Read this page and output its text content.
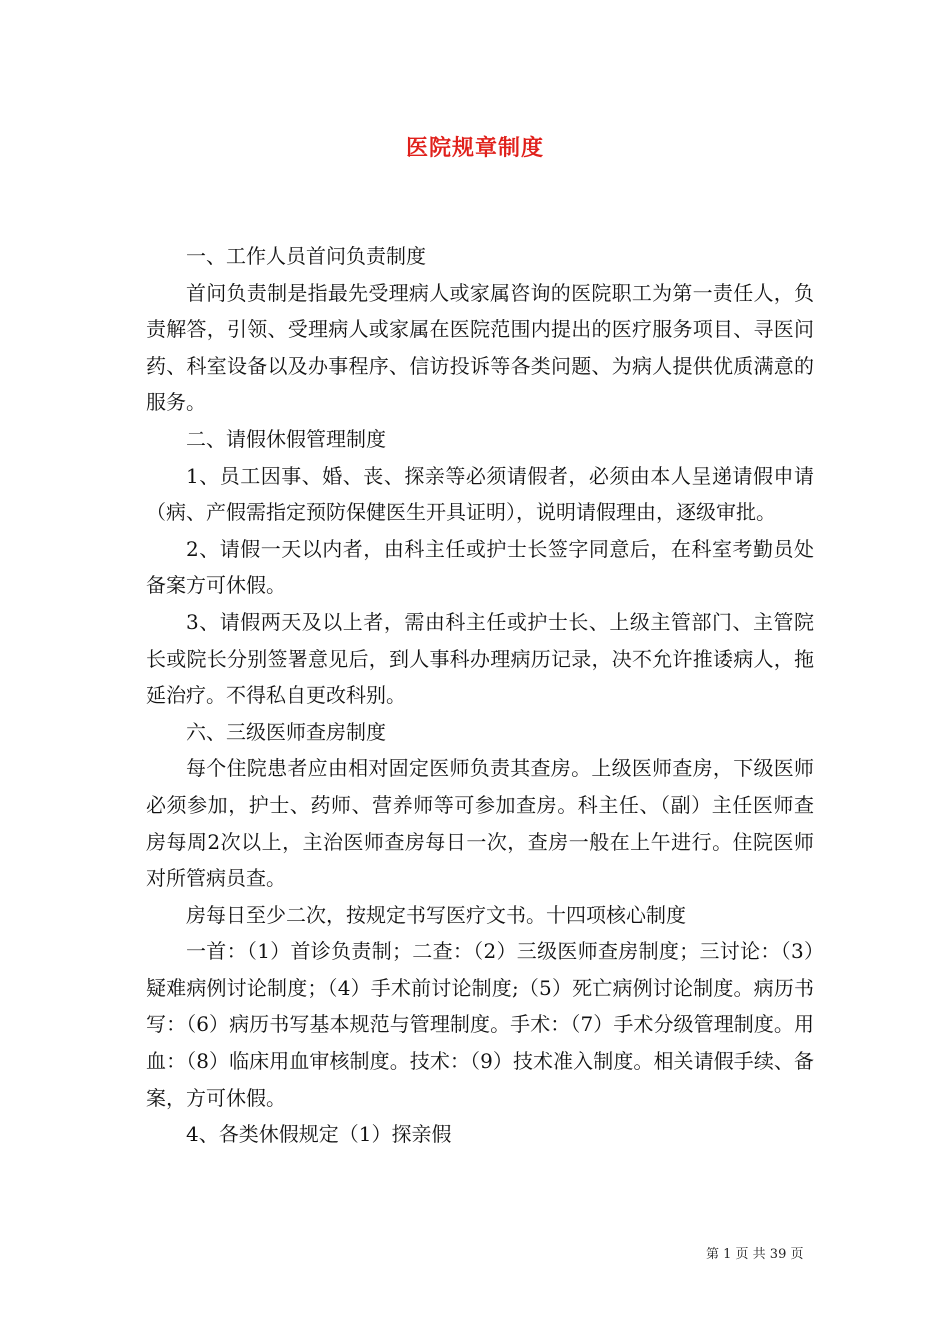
医院规章制度

一、工作人员首问负责制度

首问负责制是指最先受理病人或家属咨询的医院职工为第一责任人，负责解答，引领、受理病人或家属在医院范围内提出的医疗服务项目、寻医问药、科室设备以及办事程序、信访投诉等各类问题、为病人提供优质满意的服务。

二、请假休假管理制度

1、员工因事、婚、丧、探亲等必须请假者，必须由本人呈递请假申请（病、产假需指定预防保健医生开具证明），说明请假理由，逐级审批。

2、请假一天以内者，由科主任或护士长签字同意后，在科室考勤员处备案方可休假。

3、请假两天及以上者，需由科主任或护士长、上级主管部门、主管院长或院长分别签署意见后，到人事科办理病历记录，决不允许推诿病人，拖延治疗。不得私自更改科别。

六、三级医师查房制度

每个住院患者应由相对固定医师负责其查房。上级医师查房，下级医师必须参加，护士、药师、营养师等可参加查房。科主任、（副）主任医师查房每周2次以上，主治医师查房每日一次，查房一般在上午进行。住院医师对所管病员查。

房每日至少二次，按规定书写医疗文书。十四项核心制度

一首：（1）首诊负责制；二查：（2）三级医师查房制度；三讨论：（3）疑难病例讨论制度；（4）手术前讨论制度;（5）死亡病例讨论制度。病历书写：（6）病历书写基本规范与管理制度。手术：（7）手术分级管理制度。用血：（8）临床用血审核制度。技术：（9）技术准入制度。相关请假手续、备案，方可休假。

4、各类休假规定（1）探亲假

第 1 页 共 39 页
